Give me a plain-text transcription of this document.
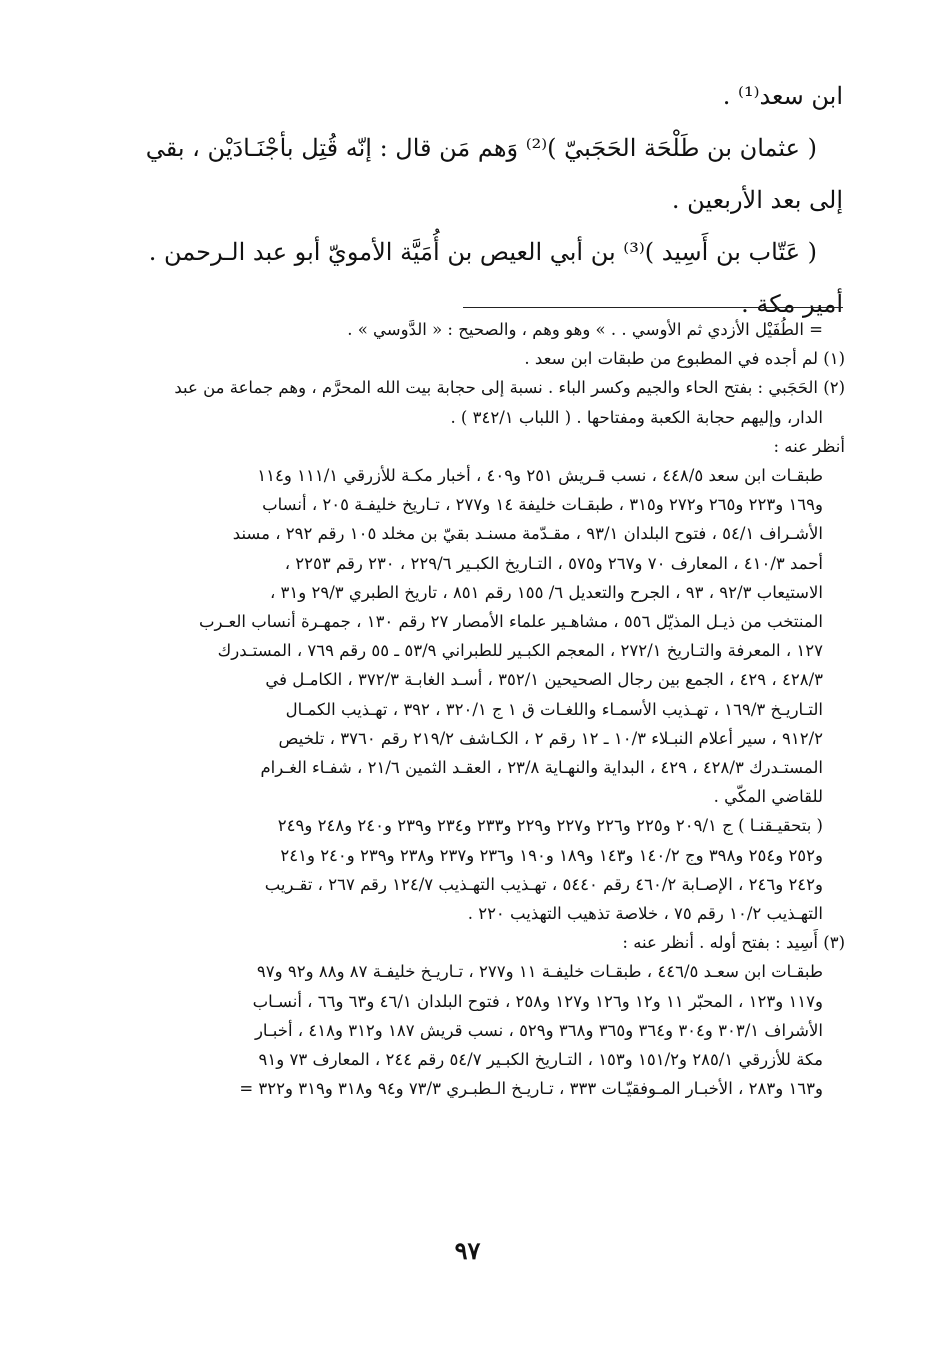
ابن سعد⁽¹⁾ .

( عثمان بن طَلْحَة الحَجَبيّ )⁽²⁾ وَهم مَن قال : إنّه قُتِل بأجْنَـادَيْن ، بقي

إلى بعد الأربعين .

( عَتّاب بن أَسِيد )⁽³⁾ بن أبي العيص بن أُمَيَّة الأمويّ أبو عبد الـرحمن .

أمير مكة .

= الطُفَيْل الأزدي ثم الأوسي . . » وهو وهم ، والصحيح : « الدَّوسي » .

(١) لم أجده في المطبوع من طبقات ابن سعد .

(٢) الحَجَبي : بفتح الحاء والجيم وكسر الباء . نسبة إلى حجابة بيت الله المحرَّم ، وهم جماعة من عبد

الدار، وإليهم حجابة الكعبة ومفتاحها . ( اللباب ٣٤٢/١ ) .

أنظر عنه :

طبقـات ابن سعد ٤٤٨/٥ ، نسب قـريش ٢٥١ و٤٠٩ ، أخبار مكـة للأزرقي ١١١/١ و١١٤

و١٦٩ و٢٢٣ و٢٦٥ و٢٧٢ و٣١٥ ، طبقـات خليفة ١٤ و٢٧٧ ، تـاريخ خليفـة ٢٠٥ ، أنساب

الأشـراف ٥٤/١ ، فتوح البلدان ٩٣/١ ، مقـدّمة مسنـد بقيّ بن مخلد ١٠٥ رقم ٢٩٢ ، مسند

أحمد ٤١٠/٣ ، المعارف ٧٠ و٢٦٧ و٥٧٥ ، التـاريخ الكبـير ٢٢٩/٦ ، ٢٣٠ رقم ٢٢٥٣ ،

الاستيعاب ٩٢/٣ ، ٩٣ ، الجرح والتعديل ٦/ ١٥٥ رقم ٨٥١ ، تاريخ الطبري ٢٩/٣ و٣١ ،

المنتخب من ذيـل المذيّل ٥٥٦ ، مشاهـير علماء الأمصار ٢٧ رقم ١٣٠ ، جمهـرة أنساب العـرب

١٢٧ ، المعرفة والتـاريخ ٢٧٢/١ ، المعجم الكبـير للطبراني ٥٣/٩ ـ ٥٥ رقم ٧٦٩ ، المستـدرك

٤٢٨/٣ ، ٤٢٩ ، الجمع بين رجال الصحيحين ٣٥٢/١ ، أسـد الغابـة ٣٧٢/٣ ، الكامـل في

التـاريـخ ١٦٩/٣ ، تهـذيب الأسمـاء واللغـات ق ١ ج ٣٢٠/١ ، ٣٩٢ ، تهـذيب الكمـال

٩١٢/٢ ، سير أعلام النبـلاء ١٠/٣ ـ ١٢ رقم ٢ ، الكـاشف ٢١٩/٢ رقم ٣٧٦٠ ، تلخيص

المستـدرك ٤٢٨/٣ ، ٤٢٩ ، البداية والنهـاية ٢٣/٨ ، العقـد الثمين ٢١/٦ ، شفـاء الغـرام

للقاضي المكّي .

( بتحقيـقنـا ) ج ٢٠٩/١ و٢٢٥ و٢٢٦ و٢٢٧ و٢٢٩ و٢٣٣ و٢٣٤ و٢٣٩ و٢٤٠ و٢٤٨ و٢٤٩

و٢٥٢ و٢٥٤ و٣٩٨ وج ١٤٠/٢ و١٤٣ و١٨٩ و١٩٠ و٢٣٦ و٢٣٧ و٢٣٨ و٢٣٩ و٢٤٠ و٢٤١

و٢٤٢ و٢٤٦ ، الإصـابة ٤٦٠/٢ رقم ٥٤٤٠ ، تهـذيب التهـذيب ١٢٤/٧ رقم ٢٦٧ ، تقـريب

التهـذيب ١٠/٢ رقم ٧٥ ، خلاصة تذهيب التهذيب ٢٢٠ .

(٣) أَسِيد : بفتح أوله . أنظر عنه :

طبقـات ابن سعـد ٤٤٦/٥ ، طبقـات خليفـة ١١ و٢٧٧ ، تـاريـخ خليفـة ٨٧ و٨٨ و٩٢ و٩٧

و١١٧ و١٢٣ ، المحبّر ١١ و١٢ و١٢٦ و١٢٧ و٢٥٨ ، فتوح البلدان ٤٦/١ و٦٣ و٦٦ ، أنسـاب

الأشراف ٣٠٣/١ و٣٠٤ و٣٦٤ و٣٦٥ و٣٦٨ و٥٢٩ ، نسب قريش ١٨٧ و٣١٢ و٤١٨ ، أخبـار

مكة للأزرقي ٢٨٥/١ و١٥١/٢ و١٥٣ ، التـاريخ الكبـير ٥٤/٧ رقم ٢٤٤ ، المعارف ٧٣ و٩١

و١٦٣ و٢٨٣ ، الأخبـار المـوفقيّـات ٣٣٣ ، تـاريـخ الـطبـري ٧٣/٣ و٩٤ و٣١٨ و٣١٩ و٣٢٢ =

٩٧
